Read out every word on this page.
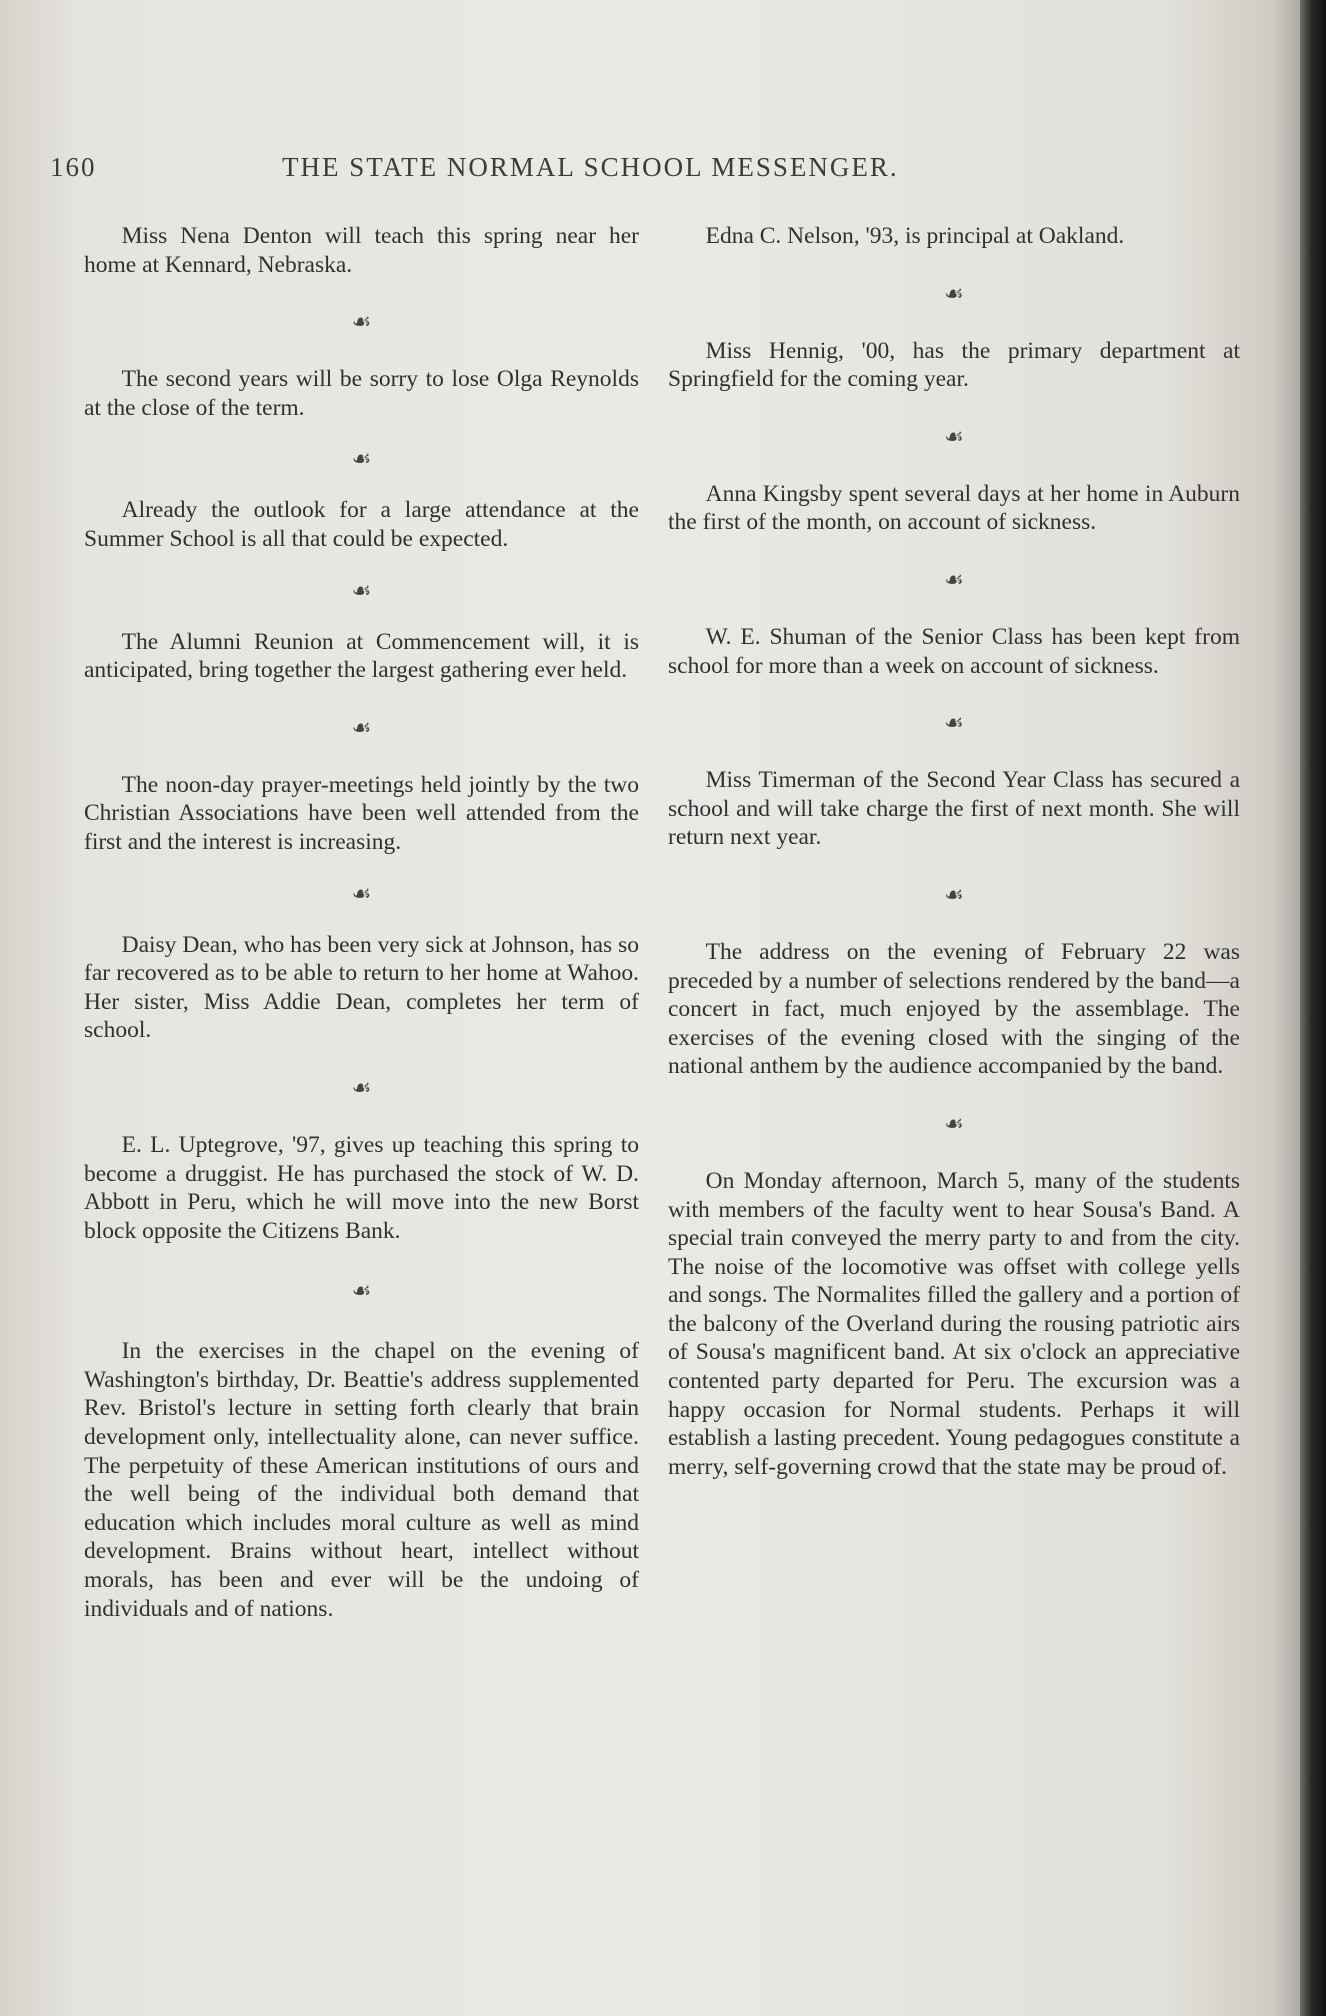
160	THE STATE NORMAL SCHOOL MESSENGER.

Miss Nena Denton will teach this spring near her home at Kennard, Nebraska.

☙

The second years will be sorry to lose Olga Reynolds at the close of the term.

☙

Already the outlook for a large attendance at the Summer School is all that could be expected.

☙

The Alumni Reunion at Commencement will, it is anticipated, bring together the largest gathering ever held.

☙

The noon-day prayer-meetings held jointly by the two Christian Associations have been well attended from the first and the interest is increasing.

☙

Daisy Dean, who has been very sick at Johnson, has so far recovered as to be able to return to her home at Wahoo. Her sister, Miss Addie Dean, completes her term of school.

☙

E. L. Uptegrove, '97, gives up teaching this spring to become a druggist. He has purchased the stock of W. D. Abbott in Peru, which he will move into the new Borst block opposite the Citizens Bank.

☙

In the exercises in the chapel on the evening of Washington's birthday, Dr. Beattie's address supplemented Rev. Bristol's lecture in setting forth clearly that brain development only, intellectuality alone, can never suffice. The perpetuity of these American institutions of ours and the well being of the individual both demand that education which includes moral culture as well as mind development. Brains without heart, intellect without morals, has been and ever will be the undoing of individuals and of nations.

Edna C. Nelson, '93, is principal at Oakland.

☙

Miss Hennig, '00, has the primary department at Springfield for the coming year.

☙

Anna Kingsby spent several days at her home in Auburn the first of the month, on account of sickness.

☙

W. E. Shuman of the Senior Class has been kept from school for more than a week on account of sickness.

☙

Miss Timerman of the Second Year Class has secured a school and will take charge the first of next month. She will return next year.

☙

The address on the evening of February 22 was preceded by a number of selections rendered by the band—a concert in fact, much enjoyed by the assemblage. The exercises of the evening closed with the singing of the national anthem by the audience accompanied by the band.

☙

On Monday afternoon, March 5, many of the students with members of the faculty went to hear Sousa's Band. A special train conveyed the merry party to and from the city. The noise of the locomotive was offset with college yells and songs. The Normalites filled the gallery and a portion of the balcony of the Overland during the rousing patriotic airs of Sousa's magnificent band. At six o'clock an appreciative contented party departed for Peru. The excursion was a happy occasion for Normal students. Perhaps it will establish a lasting precedent. Young pedagogues constitute a merry, self-governing crowd that the state may be proud of.
